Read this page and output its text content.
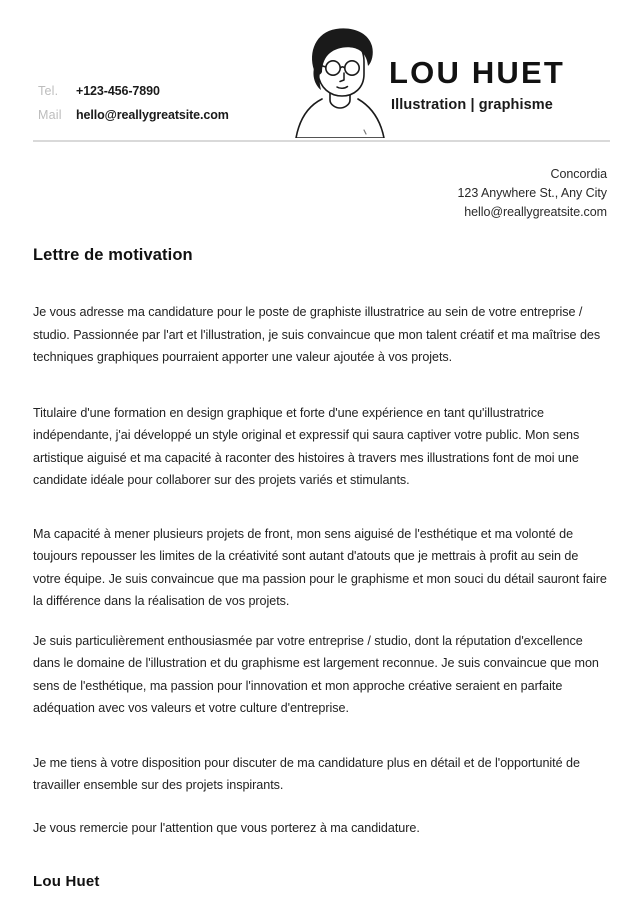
Tel.	+123-456-7890
Mail	hello@reallygreatsite.com
LOU HUET
Illustration | graphisme
Concordia
123 Anywhere St., Any City
hello@reallygreatsite.com
Lettre de motivation

Je vous adresse ma candidature pour le poste de graphiste illustratrice au sein de votre entreprise / studio. Passionnée par l'art et l'illustration, je suis convaincue que mon talent créatif et ma maîtrise des techniques graphiques pourraient apporter une valeur ajoutée à vos projets.

Titulaire d'une formation en design graphique et forte d'une expérience en tant qu'illustratrice indépendante, j'ai développé un style original et expressif qui saura captiver votre public. Mon sens artistique aiguisé et ma capacité à raconter des histoires à travers mes illustrations font de moi une candidate idéale pour collaborer sur des projets variés et stimulants.

Ma capacité à mener plusieurs projets de front, mon sens aiguisé de l'esthétique et ma volonté de toujours repousser les limites de la créativité sont autant d'atouts que je mettrais à profit au sein de votre équipe. Je suis convaincue que ma passion pour le graphisme et mon souci du détail sauront faire la différence dans la réalisation de vos projets.

Je suis particulièrement enthousiasmée par votre entreprise / studio, dont la réputation d'excellence dans le domaine de l'illustration et du graphisme est largement reconnue. Je suis convaincue que mon sens de l'esthétique, ma passion pour l'innovation et mon approche créative seraient en parfaite adéquation avec vos valeurs et votre culture d'entreprise.

Je me tiens à votre disposition pour discuter de ma candidature plus en détail et de l'opportunité de travailler ensemble sur des projets inspirants.

Je vous remercie pour l'attention que vous porterez à ma candidature.

Lou Huet
